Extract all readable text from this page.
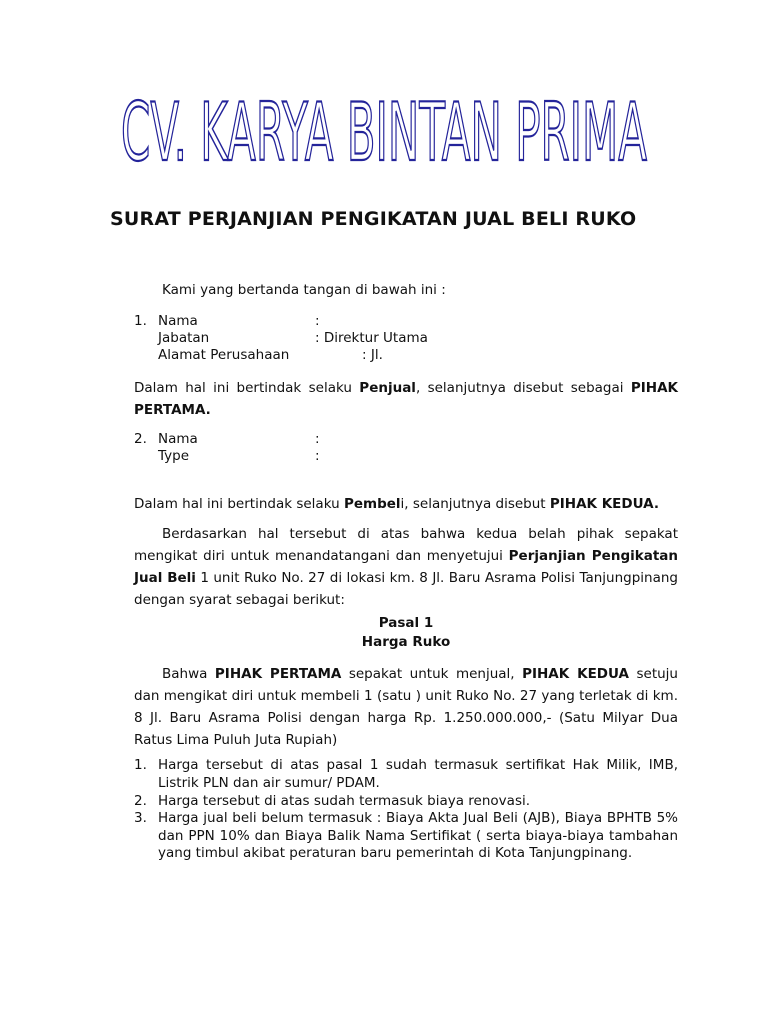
CV. KARYA BINTAN PRIMA
SURAT PERJANJIAN PENGIKATAN JUAL BELI RUKO
Kami yang bertanda tangan di bawah ini :
1. Nama	:
Jabatan	: Direktur Utama
Alamat Perusahaan	: Jl.

Dalam hal ini bertindak selaku Penjual, selanjutnya disebut sebagai PIHAK PERTAMA.

2. Nama	:
Type	:

Dalam hal ini bertindak selaku Pembeli, selanjutnya disebut PIHAK KEDUA.

Berdasarkan hal tersebut di atas bahwa kedua belah pihak sepakat mengikat diri untuk menandatangani dan menyetujui Perjanjian Pengikatan Jual Beli 1 unit Ruko No. 27 di lokasi km. 8 Jl. Baru Asrama Polisi Tanjungpinang dengan syarat sebagai berikut:

Pasal 1
Harga Ruko

Bahwa PIHAK PERTAMA sepakat untuk menjual, PIHAK KEDUA setuju dan mengikat diri untuk membeli 1 (satu ) unit Ruko No. 27 yang terletak di km. 8 Jl. Baru Asrama Polisi dengan harga Rp. 1.250.000.000,- (Satu Milyar Dua Ratus Lima Puluh Juta Rupiah)

1. Harga tersebut di atas pasal 1 sudah termasuk sertifikat Hak Milik, IMB, Listrik PLN dan air sumur/ PDAM.
2. Harga tersebut di atas sudah termasuk biaya renovasi.
3. Harga jual beli belum termasuk : Biaya Akta Jual Beli (AJB), Biaya BPHTB 5% dan PPN 10% dan Biaya Balik Nama Sertifikat ( serta biaya-biaya tambahan yang timbul akibat peraturan baru pemerintah di Kota Tanjungpinang.
